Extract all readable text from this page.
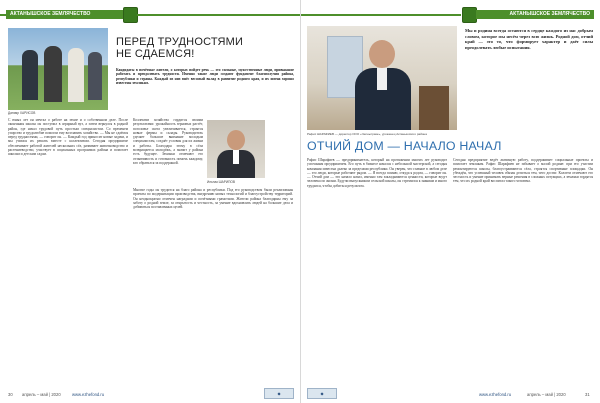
АКТАНЫШСКОЕ ЗЕМЛЯЧЕСТВО
Данияр ХАРИСОВ
ПЕРЕД ТРУДНОСТЯМИ
НЕ СДАЕМСЯ!
Кандидаты в почётные жители, о которых пойдет речь — это сильные, мужественные люди, привыкшие работать и преодолевать трудности. Именно такие люди создают фундамент благополучия района, республики и страны. Каждый из них внёс весомый вклад в развитие родного края, и их имена хорошо известны землякам.
С юных лет он мечтал о работе на земле и о собственном деле. После окончания школы он поступил в аграрный вуз, а затем вернулся в родной район, где начал трудовой путь простым специалистом. Со временем упорство и трудолюбие помогли ему возглавить хозяйство. — Мы не сдаёмся перед трудностями, — говорит он. — Каждый год приносит новые задачи, и мы учимся их решать вместе с коллективом. Сегодня предприятие обеспечивает работой жителей нескольких сёл, развивает животноводство и растениеводство, участвует в социальных программах района и помогает школам и детским садам.
Коллектив хозяйства гордится своими результатами: урожайность зерновых растёт, поголовье скота увеличивается, строятся новые фермы и склады. Руководитель уделяет большое внимание молодым специалистам, создаёт условия для их жизни и работы. Благодаря этому в сёла возвращается молодёжь, а значит у района есть будущее. Земляки отмечают его отзывчивость и готовность помочь каждому, кто обратился за поддержкой.
Ильназ ШАРИПОВ
Многие годы он трудится на благо района и республики. Под его руководством были реализованы проекты по модернизации производства, внедрению новых технологий и благоустройству территорий. Он неоднократно отмечен наградами и почётными грамотами. Жители района благодарны ему за заботу о родной земле, за открытость и честность, за умение вдохновлять людей на большие дела и добиваться поставленных целей.
30 апрель – май | 2020	www.ezhefond.ru	◆
АКТАНЫШСКОЕ ЗЕМЛЯЧЕСТВО
Рафис ШАРАФИЕВ — директор ООО «Челнытраке», уроженец Актанышского района
Мы и родина всегда остаются в сердце каждого из нас добрым словом, которое мы несём через всю жизнь. Родной дом, отчий край — это то, что формирует характер и даёт силы преодолевать любые испытания.
ОТЧИЙ ДОМ — НАЧАЛО НАЧАЛ
Рафис Шарафиев — предприниматель, который на протяжении многих лет руководит успешным предприятием. Его путь в бизнесе начался с небольшой мастерской, а сегодня компания известна далеко за пределами республики. Он уверен, что главное в любом деле — это люди, которые работают рядом. — Я всегда помню, откуда я родом, — говорит он. — Отчий дом — это начало начал, именно там закладываются ценности, которые ведут человека по жизни. Будучи выпускником сельской школы, он стремился к знаниям и много трудился, чтобы добиться результата.
Сегодня предприятие ведёт активную работу, поддерживает социальные проекты и помогает землякам. Рафис Шарафиев не забывает о малой родине: при его участии ремонтируются школы, благоустраиваются сёла, строятся спортивные площадки. Он убеждён, что успешный человек обязан делиться тем, чего достиг. Коллеги отмечают его честность и умение принимать верные решения в сложных ситуациях, а земляки гордятся тем, что их родной край воспитал такого человека.
◆	www.ezhefond.ru	апрель – май | 2020	31
